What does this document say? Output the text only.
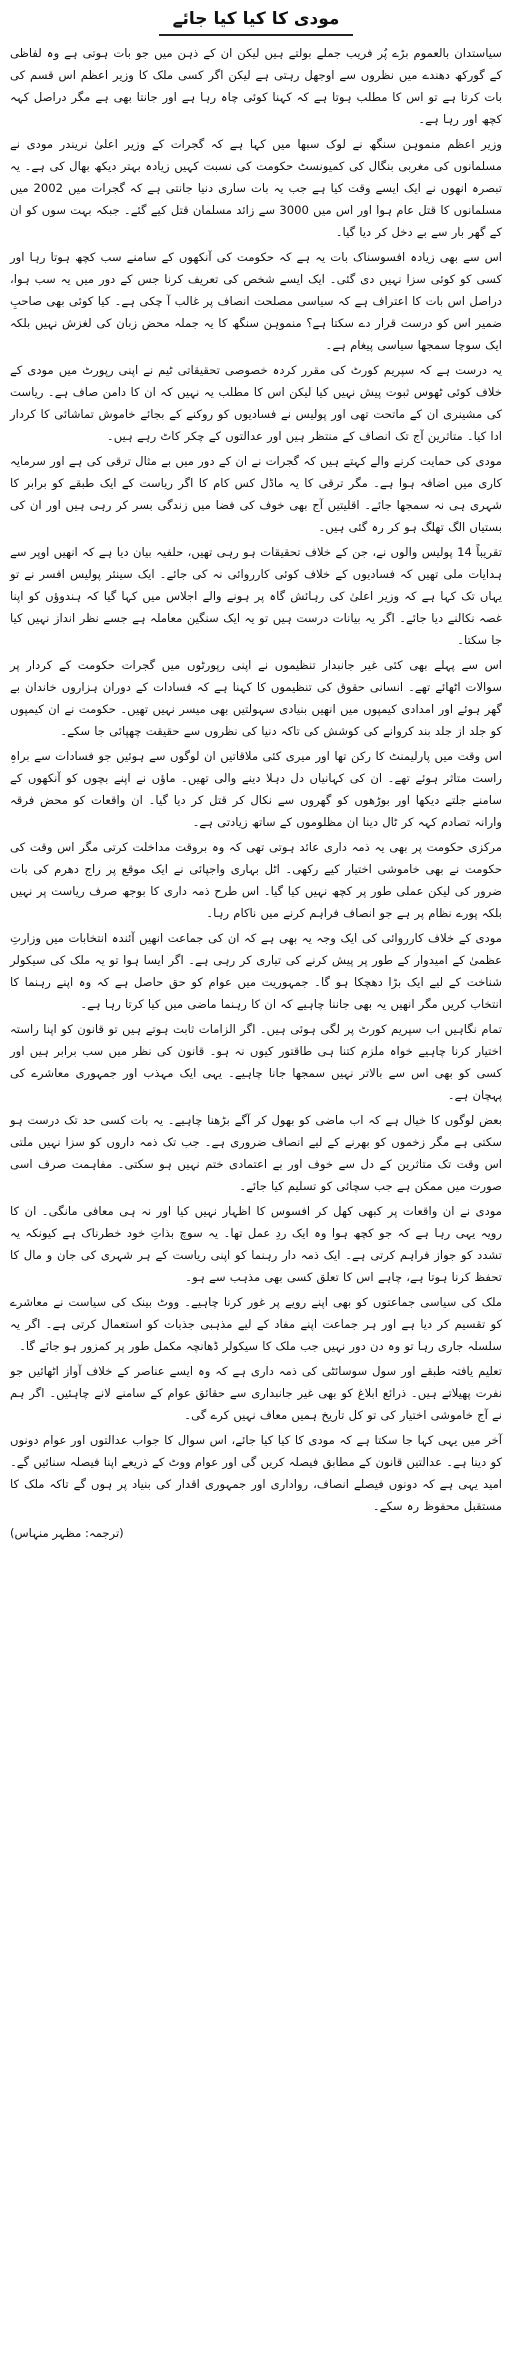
مودی کا کیا کیا جائے

سیاستدان بالعموم بڑے پُر فریب جملے بولتے ہیں لیکن ان کے ذہن میں جو بات ہوتی ہے وہ لفاظی کے گورکھ دھندے میں نظروں سے اوجھل رہتی ہے لیکن اگر کسی ملک کا وزیر اعظم اس قسم کی بات کرتا ہے تو اس کا مطلب ہوتا ہے کہ کہنا کوئی چاہ رہا ہے اور جانتا بھی ہے مگر دراصل کہہ کچھ اور رہا ہے۔

وزیر اعظم منموہن سنگھ نے لوک سبھا میں کہا ہے کہ گجرات کے وزیر اعلیٰ نریندر مودی نے مسلمانوں کی مغربی بنگال کی کمیونسٹ حکومت کی نسبت کہیں زیادہ بہتر دیکھ بھال کی ہے۔ یہ تبصرہ انھوں نے ایک ایسے وقت کیا ہے جب یہ بات ساری دنیا جانتی ہے کہ گجرات میں 2002 میں مسلمانوں کا قتل عام ہوا اور اس میں 3000 سے زائد مسلمان قتل کیے گئے۔ جبکہ بہت سوں کو ان کے گھر بار سے بے دخل کر دیا گیا۔

اس سے بھی زیادہ افسوسناک بات یہ ہے کہ حکومت کی آنکھوں کے سامنے سب کچھ ہوتا رہا اور کسی کو کوئی سزا نہیں دی گئی۔ ایک ایسے شخص کی تعریف کرنا جس کے دور میں یہ سب ہوا، دراصل اس بات کا اعتراف ہے کہ سیاسی مصلحت انصاف پر غالب آ چکی ہے۔ کیا کوئی بھی صاحبِ ضمیر اس کو درست قرار دے سکتا ہے؟ منموہن سنگھ کا یہ جملہ محض زبان کی لغزش نہیں بلکہ ایک سوچا سمجھا سیاسی پیغام ہے۔

یہ درست ہے کہ سپریم کورٹ کی مقرر کردہ خصوصی تحقیقاتی ٹیم نے اپنی رپورٹ میں مودی کے خلاف کوئی ٹھوس ثبوت پیش نہیں کیا لیکن اس کا مطلب یہ نہیں کہ ان کا دامن صاف ہے۔ ریاست کی مشینری ان کے ماتحت تھی اور پولیس نے فسادیوں کو روکنے کے بجائے خاموش تماشائی کا کردار ادا کیا۔ متاثرین آج تک انصاف کے منتظر ہیں اور عدالتوں کے چکر کاٹ رہے ہیں۔

مودی کی حمایت کرنے والے کہتے ہیں کہ گجرات نے ان کے دور میں بے مثال ترقی کی ہے اور سرمایہ کاری میں اضافہ ہوا ہے۔ مگر ترقی کا یہ ماڈل کس کام کا اگر ریاست کے ایک طبقے کو برابر کا شہری ہی نہ سمجھا جائے۔ اقلیتیں آج بھی خوف کی فضا میں زندگی بسر کر رہی ہیں اور ان کی بستیاں الگ تھلگ ہو کر رہ گئی ہیں۔

تقریباً 14 پولیس والوں نے، جن کے خلاف تحقیقات ہو رہی تھیں، حلفیہ بیان دیا ہے کہ انھیں اوپر سے ہدایات ملی تھیں کہ فسادیوں کے خلاف کوئی کارروائی نہ کی جائے۔ ایک سینئر پولیس افسر نے تو یہاں تک کہا ہے کہ وزیر اعلیٰ کی رہائش گاہ پر ہونے والے اجلاس میں کہا گیا کہ ہندوؤں کو اپنا غصہ نکالنے دیا جائے۔ اگر یہ بیانات درست ہیں تو یہ ایک سنگین معاملہ ہے جسے نظر انداز نہیں کیا جا سکتا۔

اس سے پہلے بھی کئی غیر جانبدار تنظیموں نے اپنی رپورٹوں میں گجرات حکومت کے کردار پر سوالات اٹھائے تھے۔ انسانی حقوق کی تنظیموں کا کہنا ہے کہ فسادات کے دوران ہزاروں خاندان بے گھر ہوئے اور امدادی کیمپوں میں انھیں بنیادی سہولتیں بھی میسر نہیں تھیں۔ حکومت نے ان کیمپوں کو جلد از جلد بند کروانے کی کوشش کی تاکہ دنیا کی نظروں سے حقیقت چھپائی جا سکے۔

اس وقت میں پارلیمنٹ کا رکن تھا اور میری کئی ملاقاتیں ان لوگوں سے ہوئیں جو فسادات سے براہِ راست متاثر ہوئے تھے۔ ان کی کہانیاں دل دہلا دینے والی تھیں۔ ماؤں نے اپنے بچوں کو آنکھوں کے سامنے جلتے دیکھا اور بوڑھوں کو گھروں سے نکال کر قتل کر دیا گیا۔ ان واقعات کو محض فرقہ وارانہ تصادم کہہ کر ٹال دینا ان مظلوموں کے ساتھ زیادتی ہے۔

مرکزی حکومت پر بھی یہ ذمہ داری عائد ہوتی تھی کہ وہ بروقت مداخلت کرتی مگر اس وقت کی حکومت نے بھی خاموشی اختیار کیے رکھی۔ اٹل بہاری واجپائی نے ایک موقع پر راج دھرم کی بات ضرور کی لیکن عملی طور پر کچھ نہیں کیا گیا۔ اس طرح ذمہ داری کا بوجھ صرف ریاست پر نہیں بلکہ پورے نظام پر ہے جو انصاف فراہم کرنے میں ناکام رہا۔

مودی کے خلاف کارروائی کی ایک وجہ یہ بھی ہے کہ ان کی جماعت انھیں آئندہ انتخابات میں وزارتِ عظمیٰ کے امیدوار کے طور پر پیش کرنے کی تیاری کر رہی ہے۔ اگر ایسا ہوا تو یہ ملک کی سیکولر شناخت کے لیے ایک بڑا دھچکا ہو گا۔ جمہوریت میں عوام کو حق حاصل ہے کہ وہ اپنے رہنما کا انتخاب کریں مگر انھیں یہ بھی جاننا چاہیے کہ ان کا رہنما ماضی میں کیا کرتا رہا ہے۔

تمام نگاہیں اب سپریم کورٹ پر لگی ہوئی ہیں۔ اگر الزامات ثابت ہوتے ہیں تو قانون کو اپنا راستہ اختیار کرنا چاہیے خواہ ملزم کتنا ہی طاقتور کیوں نہ ہو۔ قانون کی نظر میں سب برابر ہیں اور کسی کو بھی اس سے بالاتر نہیں سمجھا جانا چاہیے۔ یہی ایک مہذب اور جمہوری معاشرے کی پہچان ہے۔

بعض لوگوں کا خیال ہے کہ اب ماضی کو بھول کر آگے بڑھنا چاہیے۔ یہ بات کسی حد تک درست ہو سکتی ہے مگر زخموں کو بھرنے کے لیے انصاف ضروری ہے۔ جب تک ذمہ داروں کو سزا نہیں ملتی اس وقت تک متاثرین کے دل سے خوف اور بے اعتمادی ختم نہیں ہو سکتی۔ مفاہمت صرف اسی صورت میں ممکن ہے جب سچائی کو تسلیم کیا جائے۔

مودی نے ان واقعات پر کبھی کھل کر افسوس کا اظہار نہیں کیا اور نہ ہی معافی مانگی۔ ان کا رویہ یہی رہا ہے کہ جو کچھ ہوا وہ ایک ردِ عمل تھا۔ یہ سوچ بذاتِ خود خطرناک ہے کیونکہ یہ تشدد کو جواز فراہم کرتی ہے۔ ایک ذمہ دار رہنما کو اپنی ریاست کے ہر شہری کی جان و مال کا تحفظ کرنا ہوتا ہے، چاہے اس کا تعلق کسی بھی مذہب سے ہو۔

ملک کی سیاسی جماعتوں کو بھی اپنے رویے پر غور کرنا چاہیے۔ ووٹ بینک کی سیاست نے معاشرے کو تقسیم کر دیا ہے اور ہر جماعت اپنے مفاد کے لیے مذہبی جذبات کو استعمال کرتی ہے۔ اگر یہ سلسلہ جاری رہا تو وہ دن دور نہیں جب ملک کا سیکولر ڈھانچہ مکمل طور پر کمزور ہو جائے گا۔

تعلیم یافتہ طبقے اور سول سوسائٹی کی ذمہ داری ہے کہ وہ ایسے عناصر کے خلاف آواز اٹھائیں جو نفرت پھیلاتے ہیں۔ ذرائع ابلاغ کو بھی غیر جانبداری سے حقائق عوام کے سامنے لانے چاہئیں۔ اگر ہم نے آج خاموشی اختیار کی تو کل تاریخ ہمیں معاف نہیں کرے گی۔

آخر میں یہی کہا جا سکتا ہے کہ مودی کا کیا کیا جائے، اس سوال کا جواب عدالتوں اور عوام دونوں کو دینا ہے۔ عدالتیں قانون کے مطابق فیصلہ کریں گی اور عوام ووٹ کے ذریعے اپنا فیصلہ سنائیں گے۔ امید یہی ہے کہ دونوں فیصلے انصاف، رواداری اور جمہوری اقدار کی بنیاد پر ہوں گے تاکہ ملک کا مستقبل محفوظ رہ سکے۔

(ترجمہ: مظہر منہاس)
